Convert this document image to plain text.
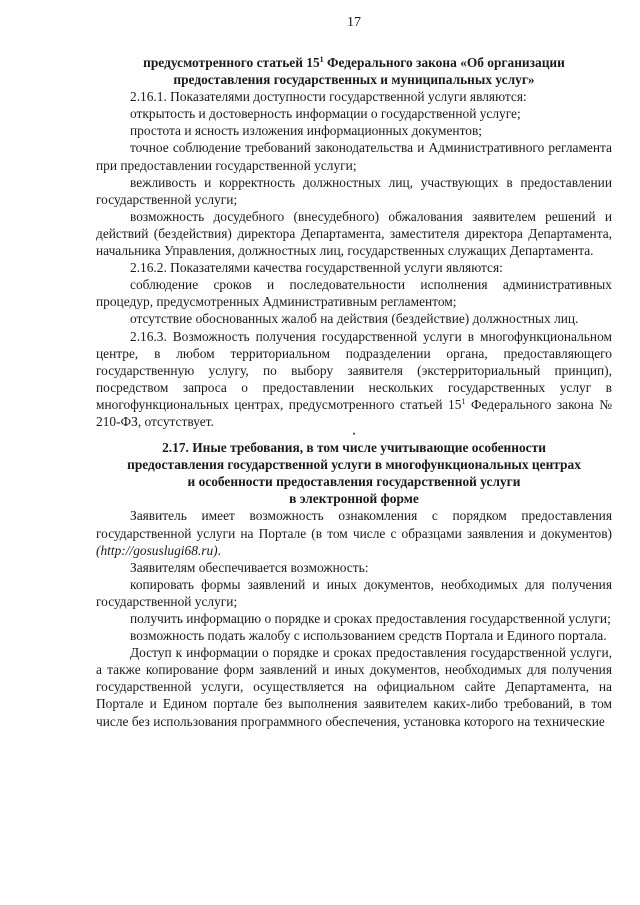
17

предусмотренного статьей $15^1$ Федерального закона «Об организации

предоставления государственных и муниципальных услуг»

2.16.1. Показателями доступности государственной услуги являются:

открытость и достоверность информации о государственной услуге;

простота и ясность изложения информационных документов;

точное соблюдение требований законодательства и Административного регламента при предоставлении государственной услуги;

вежливость и корректность должностных лиц, участвующих в предоставлении государственной услуги;

возможность досудебного (внесудебного) обжалования заявителем решений и действий (бездействия) директора Департамента, заместителя директора Департамента, начальника Управления, должностных лиц, государственных служащих Департамента.

2.16.2. Показателями качества государственной услуги являются:

соблюдение сроков и последовательности исполнения административных процедур, предусмотренных Административным регламентом;

отсутствие обоснованных жалоб на действия (бездействие) должностных лиц.

2.16.3. Возможность получения государственной услуги в многофункциональном центре, в любом территориальном подразделении органа, предоставляющего государственную услугу, по выбору заявителя (экстерриториальный принцип), посредством запроса о предоставлении нескольких государственных услуг в многофункциональных центрах, предусмотренного статьей $15^1$ Федерального закона № 210-ФЗ, отсутствует.

•

2.17. Иные требования, в том числе учитывающие особенности

предоставления государственной услуги в многофункциональных центрах

и особенности предоставления государственной услуги

в электронной форме

Заявитель имеет возможность ознакомления с порядком предоставления государственной услуги на Портале (в том числе с образцами заявления и документов) (http://gosuslugi68.ru).

Заявителям обеспечивается возможность:

копировать формы заявлений и иных документов, необходимых для получения государственной услуги;

получить информацию о порядке и сроках предоставления государственной услуги;

возможность подать жалобу с использованием средств Портала и Единого портала.

Доступ к информации о порядке и сроках предоставления государственной услуги, а также копирование форм заявлений и иных документов, необходимых для получения государственной услуги, осуществляется на официальном сайте Департамента, на Портале и Едином портале без выполнения заявителем каких-либо требований, в том числе без использования программного обеспечения, установка которого на технические
